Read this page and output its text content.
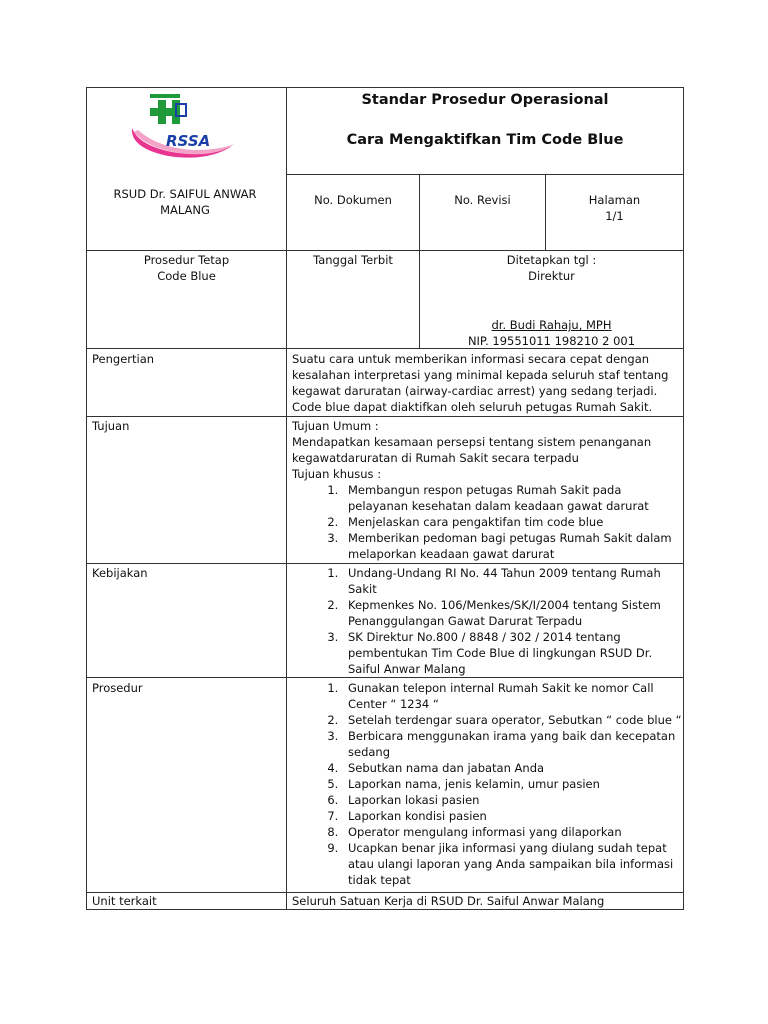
RSSA
RSUD Dr. SAIFUL ANWAR MALANG
Standar Prosedur Operasional
Cara Mengaktifkan Tim Code Blue
No. Dokumen	No. Revisi	Halaman
1/1
Prosedur Tetap
Code Blue
Tanggal Terbit	Ditetapkan tgl :
Direktur
dr. Budi Rahaju, MPH
NIP. 19551011 198210 2 001
Pengertian	Suatu cara untuk memberikan informasi secara cepat dengan kesalahan interpretasi yang minimal kepada seluruh staf tentang kegawat daruratan (airway-cardiac arrest) yang sedang terjadi. Code blue dapat diaktifkan oleh seluruh petugas Rumah Sakit.
Tujuan	Tujuan Umum :
Mendapatkan kesamaan persepsi tentang sistem penanganan kegawatdaruratan di Rumah Sakit secara terpadu
Tujuan khusus :
1. Membangun respon petugas Rumah Sakit pada pelayanan kesehatan dalam keadaan gawat darurat
2. Menjelaskan cara pengaktifan tim code blue
3. Memberikan pedoman bagi petugas Rumah Sakit dalam melaporkan keadaan gawat darurat
Kebijakan	1. Undang-Undang RI No. 44 Tahun 2009 tentang Rumah Sakit
2. Kepmenkes No. 106/Menkes/SK/I/2004 tentang Sistem Penanggulangan Gawat Darurat Terpadu
3. SK Direktur No.800 / 8848 / 302 / 2014 tentang pembentukan Tim Code Blue di lingkungan RSUD Dr. Saiful Anwar Malang
Prosedur	1. Gunakan telepon internal Rumah Sakit ke nomor Call Center “ 1234 “
2. Setelah terdengar suara operator, Sebutkan “ code blue “
3. Berbicara menggunakan irama yang baik dan kecepatan sedang
4. Sebutkan nama dan jabatan Anda
5. Laporkan nama, jenis kelamin, umur pasien
6. Laporkan lokasi pasien
7. Laporkan kondisi pasien
8. Operator mengulang informasi yang dilaporkan
9. Ucapkan benar jika informasi yang diulang sudah tepat atau ulangi laporan yang Anda sampaikan bila informasi tidak tepat
Unit terkait	Seluruh Satuan Kerja di RSUD Dr. Saiful Anwar Malang
